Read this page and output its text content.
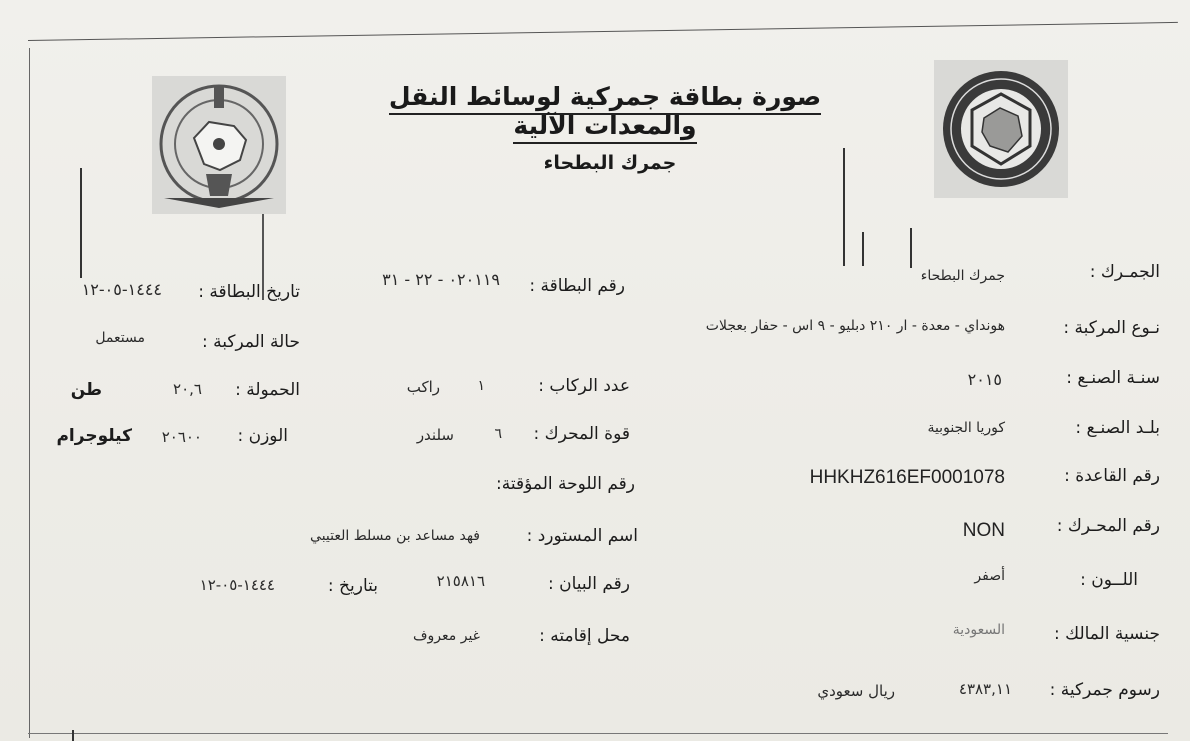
صورة بطاقة جمركية لوسائط النقل والمعدات الآلية
جمرك البطحاء
رقم البطاقة :
٠٢٠١١٩ - ٢٢ - ٣١
تاريخ البطاقة :
١٤٤٤-٠٥-١٢
الجمـرك :
جمرك البطحاء
نـوع المركبة :
هونداي - معدة - ار ٢١٠ دبليو - ٩ اس - حفار بعجلات
سنـة الصنـع :
٢٠١٥
بلـد الصنـع :
كوريا الجنوبية
رقم القاعدة :
HHKHZ616EF0001078
رقم المحـرك :
NON
اللــون :
أصفر
جنسية المالك :
السعودية
رسوم جمركية :
٤٣٨٣,١١
ريال سعودي
عدد الركاب :
١
راكب
قوة المحرك :
٦
سلندر
رقم اللوحة المؤقتة:
اسم المستورد :
فهد مساعد بن مسلط العتيبي
رقم البيان :
٢١٥٨١٦
بتاريخ :
١٤٤٤-٠٥-١٢
محل إقامته :
غير معروف
حالة المركبة :
مستعمل
الحمولة :
٢٠,٦
طن
الوزن :
٢٠٦٠٠
كيلوجرام
